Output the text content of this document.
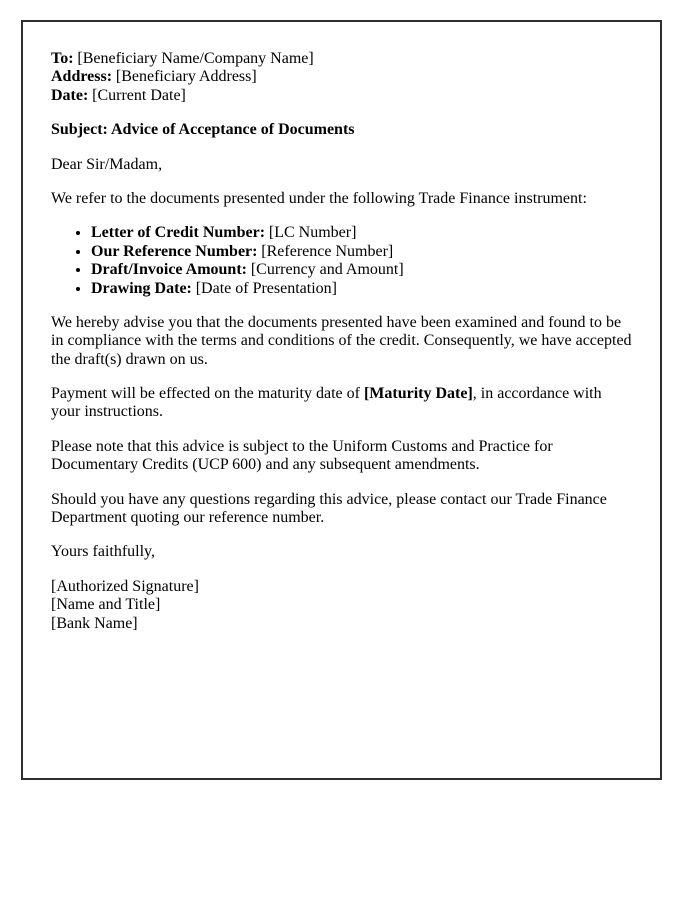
To: [Beneficiary Name/Company Name]
Address: [Beneficiary Address]
Date: [Current Date]

Subject: Advice of Acceptance of Documents

Dear Sir/Madam,

We refer to the documents presented under the following Trade Finance instrument:

• Letter of Credit Number: [LC Number]
• Our Reference Number: [Reference Number]
• Draft/Invoice Amount: [Currency and Amount]
• Drawing Date: [Date of Presentation]

We hereby advise you that the documents presented have been examined and found to be in compliance with the terms and conditions of the credit. Consequently, we have accepted the draft(s) drawn on us.

Payment will be effected on the maturity date of [Maturity Date], in accordance with your instructions.

Please note that this advice is subject to the Uniform Customs and Practice for Documentary Credits (UCP 600) and any subsequent amendments.

Should you have any questions regarding this advice, please contact our Trade Finance Department quoting our reference number.

Yours faithfully,

[Authorized Signature]
[Name and Title]
[Bank Name]
